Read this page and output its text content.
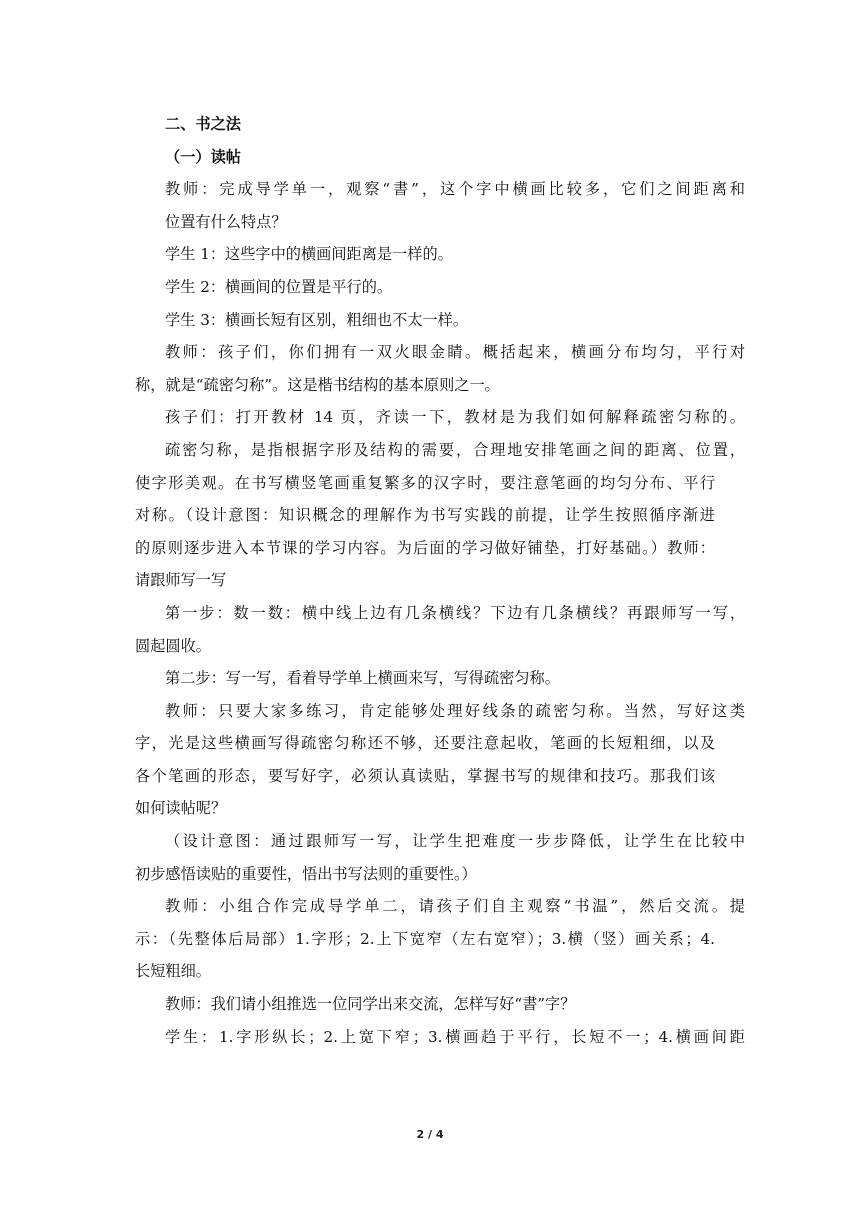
二、书之法
（一）读帖
教师：完成导学单一，观察“書”，这个字中横画比较多，它们之间距离和
位置有什么特点？
学生 1：这些字中的横画间距离是一样的。
学生 2：横画间的位置是平行的。
学生 3：横画长短有区别，粗细也不太一样。
教师：孩子们，你们拥有一双火眼金睛。概括起来，横画分布均匀，平行对
称，就是“疏密匀称”。这是楷书结构的基本原则之一。
孩子们：打开教材 14 页，齐读一下，教材是为我们如何解释疏密匀称的。
疏密匀称，是指根据字形及结构的需要，合理地安排笔画之间的距离、位置，
使字形美观。在书写横竖笔画重复繁多的汉字时，要注意笔画的均匀分布、平行
对称。（设计意图：知识概念的理解作为书写实践的前提，让学生按照循序渐进
的原则逐步进入本节课的学习内容。为后面的学习做好铺垫，打好基础。）教师：
请跟师写一写
第一步：数一数：横中线上边有几条横线？下边有几条横线？再跟师写一写，
圆起圆收。
第二步：写一写，看着导学单上横画来写，写得疏密匀称。
教师：只要大家多练习，肯定能够处理好线条的疏密匀称。当然，写好这类
字，光是这些横画写得疏密匀称还不够，还要注意起收，笔画的长短粗细，以及
各个笔画的形态，要写好字，必须认真读贴，掌握书写的规律和技巧。那我们该
如何读帖呢？
（设计意图：通过跟师写一写，让学生把难度一步步降低，让学生在比较中
初步感悟读贴的重要性，悟出书写法则的重要性。）
教师：小组合作完成导学单二，请孩子们自主观察“书温”，然后交流。提
示：（先整体后局部）1.字形；2.上下宽窄（左右宽窄）；3.横（竖）画关系；4.
长短粗细。
教师：我们请小组推选一位同学出来交流，怎样写好“書”字？
学生：1.字形纵长；2.上宽下窄；3.横画趋于平行，长短不一；4.横画间距
2 / 4
